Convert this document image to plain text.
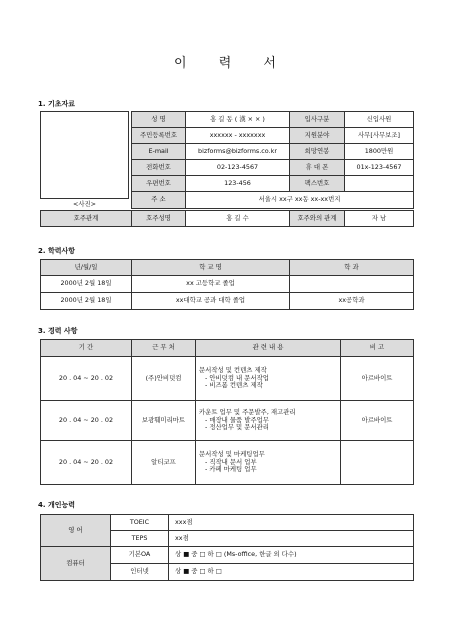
이 력 서
1. 기초자료
<사진>
성 명	홍 길 동 ( 漢 × × )	입사구분	신입사원
주민등록번호	xxxxxx - xxxxxxx	지원분야	사무[사무보조]
E-mail	bizforms@bizforms.co.kr	희망연봉	1800만원
전화번호	02-123-4567	휴 대 폰	01x-123-4567
우편번호	123-456	팩스번호	
주 소	서울시 xx구 xx동 xx-xx번지		
호주관계	호주성명	홍 길 수	호주와의 관계	자 남
2. 학력사항
년/월/일	학 교 명	학 과
2000년 2월 18일	xx 고등학교 졸업	
2000년 2월 18일	xx대학교 공과 대학 졸업	xx공학과
3. 경력 사항
기 간	근 무 처	관 련 내 용	비 고
20 . 04 ~ 20 . 02	(주)안비덧컴	문서작성 및 컨텐츠 제작
- 안비덧컴 내 문서작업
- 비즈폼 컨텐츠 제작	아르바이트
20 . 04 ~ 20 . 02	보광훼미리마트	카운트 업무 및 주문발주, 재고관리
- 매장내 물품 발주업무
- 정산업무 및 문서관리	아르바이트
20 . 04 ~ 20 . 02	알티코프	문서작성 및 마케팅업무
- 직작내 문서 업부
- 카페 마케팅 업무	

4. 개인능력
영 어	TOEIC	xxx점
	TEPS	xx점
컴퓨터	기본OA	상 ■ 중 □ 하 □ (Ms-office, 한글 외 다수)
	인터넷	상 ■ 중 □ 하 □
